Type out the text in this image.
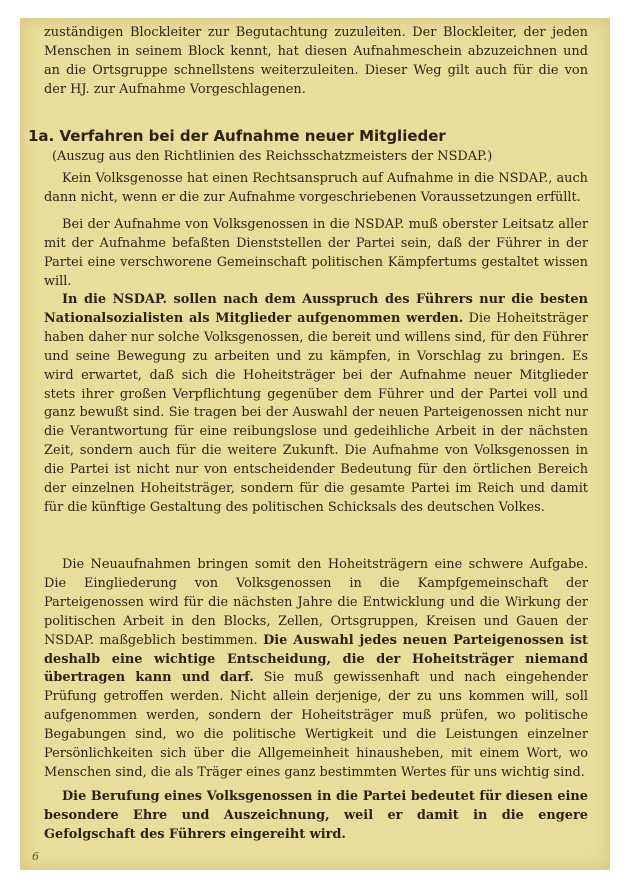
zuständigen Blockleiter zur Begutachtung zuzuleiten. Der Blockleiter, der jeden Menschen in seinem Block kennt, hat diesen Aufnahmeschein abzuzeichnen und an die Ortsgruppe schnellstens weiterzuleiten. Dieser Weg gilt auch für die von der HJ. zur Aufnahme Vorgeschlagenen.

1a. Verfahren bei der Aufnahme neuer Mitglieder

(Auszug aus den Richtlinien des Reichsschatzmeisters der NSDAP.)

Kein Volksgenosse hat einen Rechtsanspruch auf Aufnahme in die NSDAP., auch dann nicht, wenn er die zur Aufnahme vorgeschriebenen Voraussetzungen erfüllt.

Bei der Aufnahme von Volksgenossen in die NSDAP. muß oberster Leitsatz aller mit der Aufnahme befaßten Dienststellen der Partei sein, daß der Führer in der Partei eine verschworene Gemeinschaft politischen Kämpfertums gestaltet wissen will.

In die NSDAP. sollen nach dem Ausspruch des Führers nur die besten Nationalsozialisten als Mitglieder aufgenommen werden. Die Hoheitsträger haben daher nur solche Volksgenossen, die bereit und willens sind, für den Führer und seine Bewegung zu arbeiten und zu kämpfen, in Vorschlag zu bringen. Es wird erwartet, daß sich die Hoheitsträger bei der Aufnahme neuer Mitglieder stets ihrer großen Verpflichtung gegenüber dem Führer und der Partei voll und ganz bewußt sind. Sie tragen bei der Auswahl der neuen Parteigenossen nicht nur die Verantwortung für eine reibungslose und gedeihliche Arbeit in der nächsten Zeit, sondern auch für die weitere Zukunft. Die Aufnahme von Volksgenossen in die Partei ist nicht nur von entscheidender Bedeutung für den örtlichen Bereich der einzelnen Hoheitsträger, sondern für die gesamte Partei im Reich und damit für die künftige Gestaltung des politischen Schicksals des deutschen Volkes.

Die Neuaufnahmen bringen somit den Hoheitsträgern eine schwere Aufgabe. Die Eingliederung von Volksgenossen in die Kampfgemeinschaft der Parteigenossen wird für die nächsten Jahre die Entwicklung und die Wirkung der politischen Arbeit in den Blocks, Zellen, Ortsgruppen, Kreisen und Gauen der NSDAP. maßgeblich bestimmen. Die Auswahl jedes neuen Parteigenossen ist deshalb eine wichtige Entscheidung, die der Hoheitsträger niemand übertragen kann und darf. Sie muß gewissenhaft und nach eingehender Prüfung getroffen werden. Nicht allein derjenige, der zu uns kommen will, soll aufgenommen werden, sondern der Hoheitsträger muß prüfen, wo politische Begabungen sind, wo die politische Wertigkeit und die Leistungen einzelner Persönlichkeiten sich über die Allgemeinheit hinausheben, mit einem Wort, wo Menschen sind, die als Träger eines ganz bestimmten Wertes für uns wichtig sind.

Die Berufung eines Volksgenossen in die Partei bedeutet für diesen eine besondere Ehre und Auszeichnung, weil er damit in die engere Gefolgschaft des Führers eingereiht wird.

6
